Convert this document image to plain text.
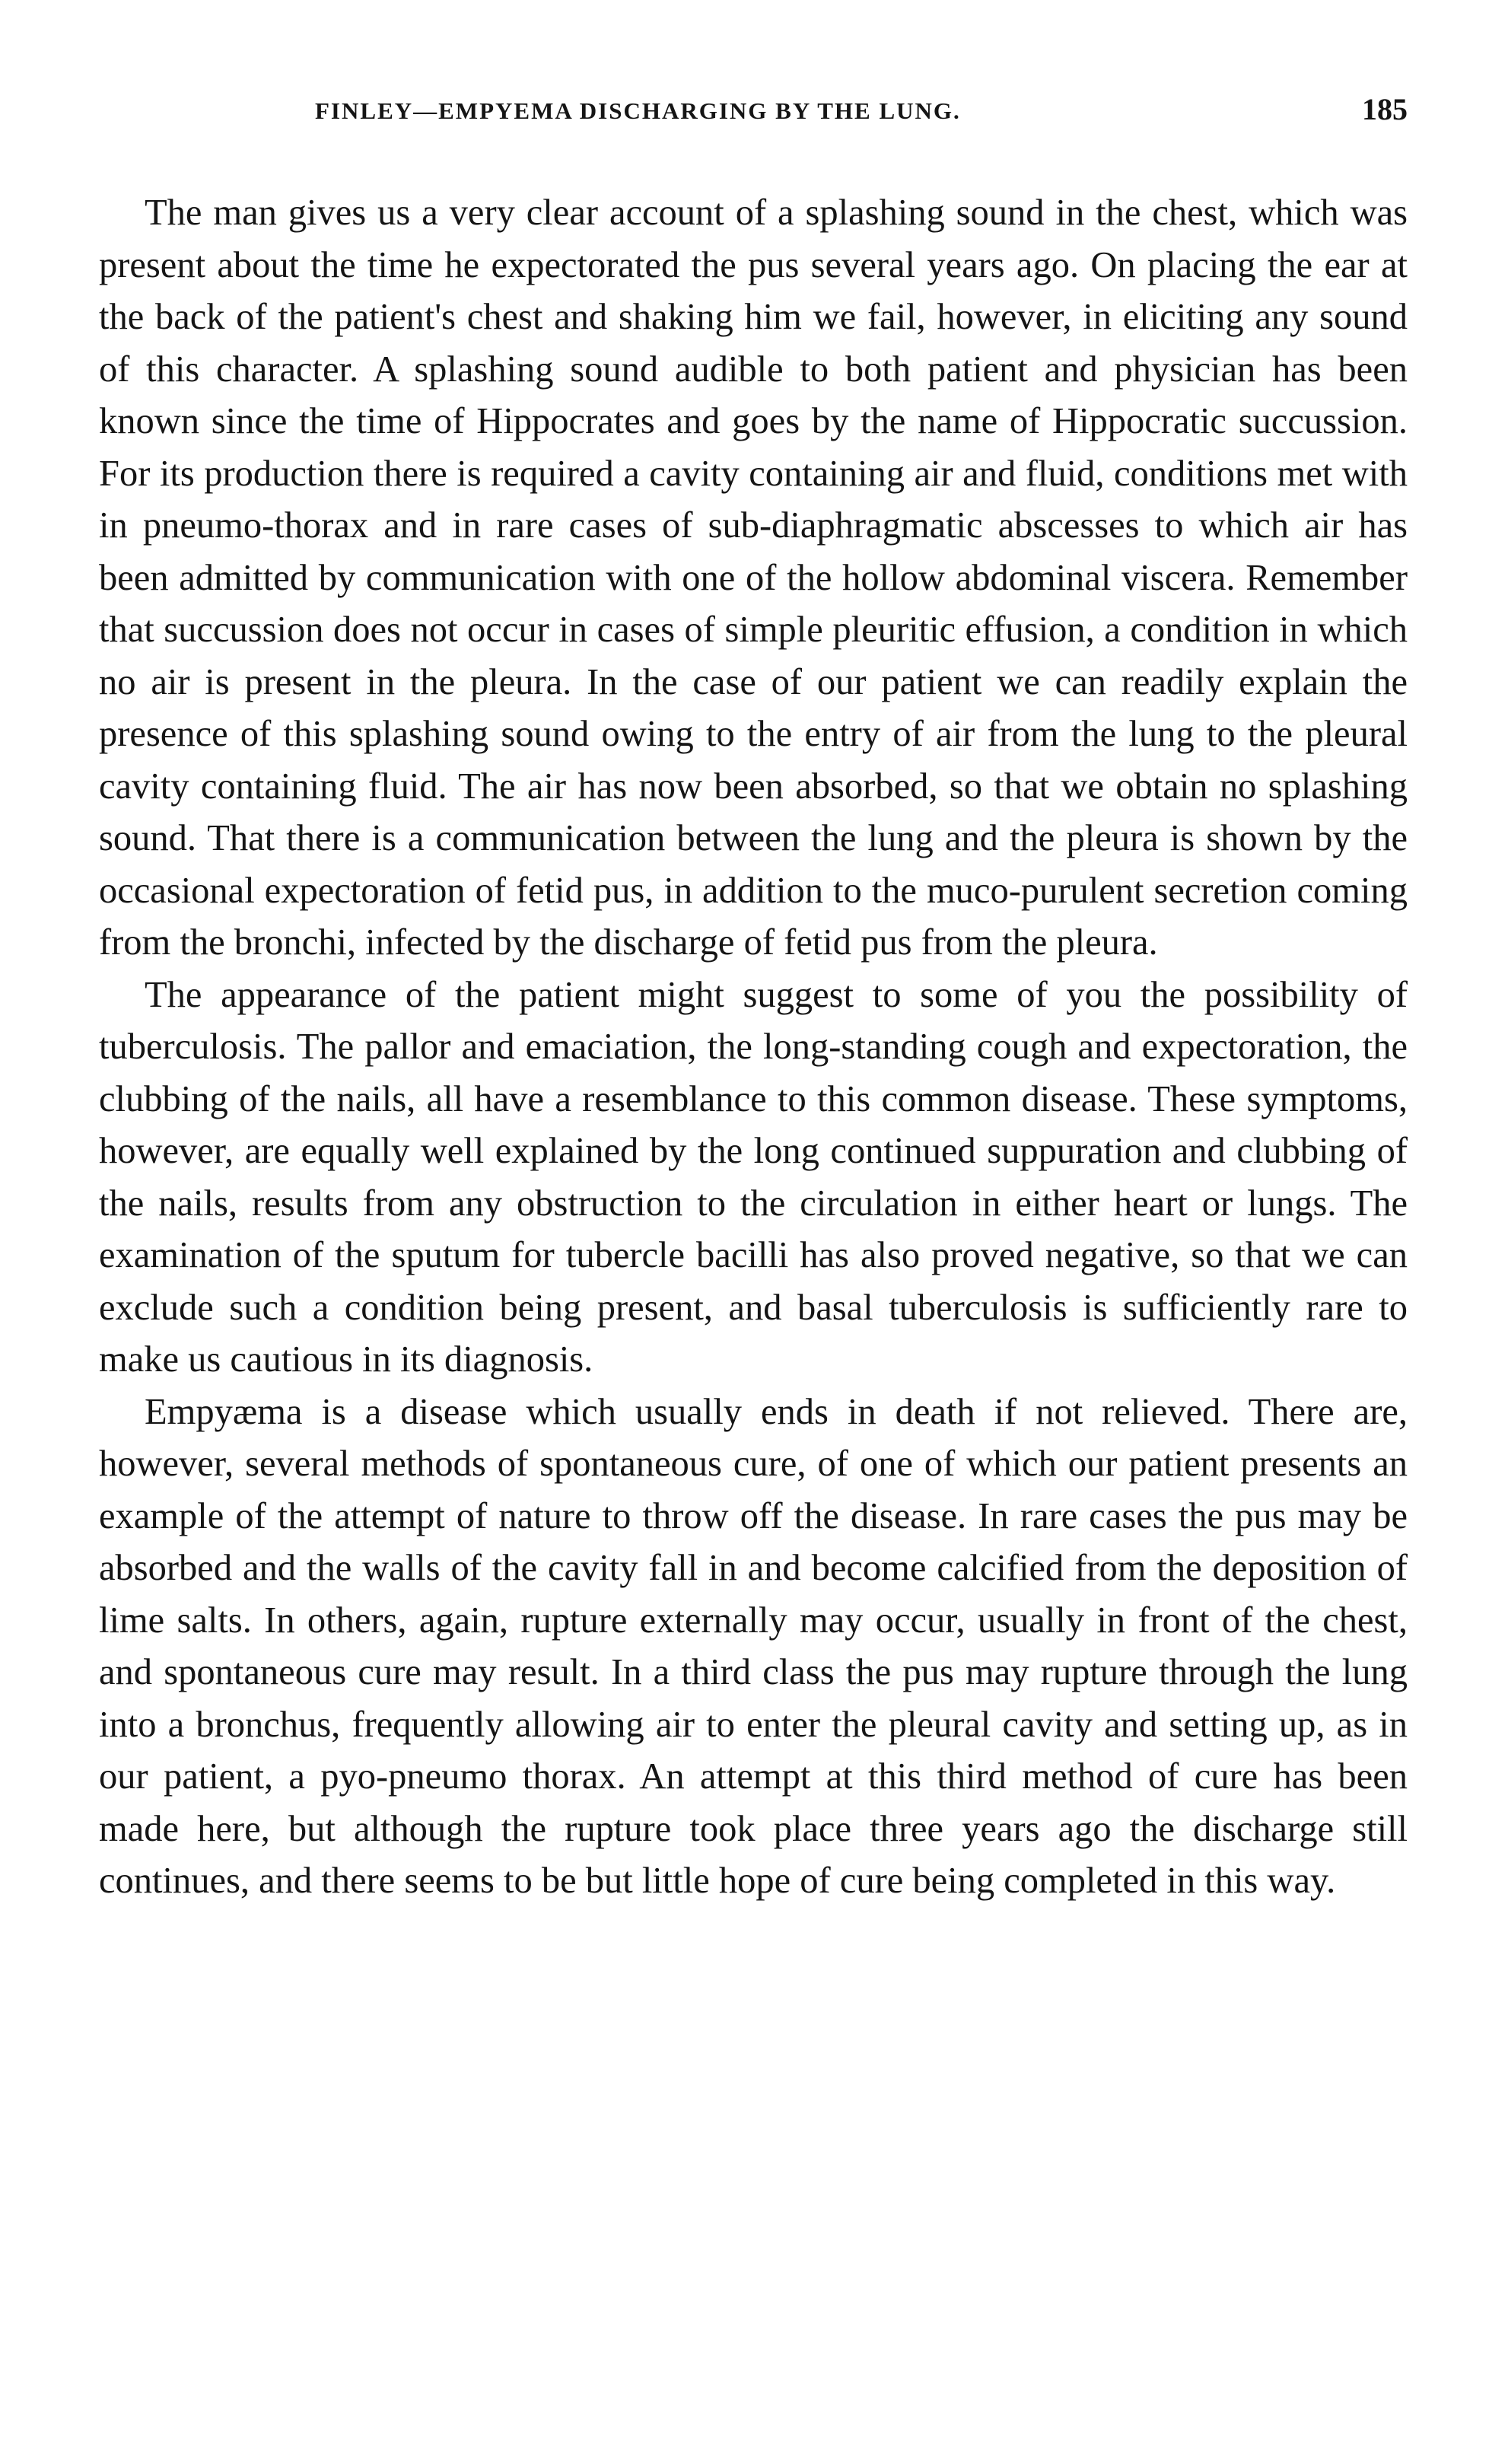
FINLEY—EMPYEMA DISCHARGING BY THE LUNG.	185

The man gives us a very clear account of a splashing sound in the chest, which was present about the time he expectorated the pus several years ago. On placing the ear at the back of the patient's chest and shaking him we fail, however, in eliciting any sound of this character. A splashing sound audible to both patient and physician has been known since the time of Hippocrates and goes by the name of Hippocratic succussion. For its production there is required a cavity containing air and fluid, conditions met with in pneumo-thorax and in rare cases of sub-diaphragmatic abscesses to which air has been admitted by communication with one of the hollow abdominal viscera. Remember that succussion does not occur in cases of simple pleuritic effusion, a condition in which no air is present in the pleura. In the case of our patient we can readily explain the presence of this splashing sound owing to the entry of air from the lung to the pleural cavity containing fluid. The air has now been absorbed, so that we obtain no splashing sound. That there is a communication between the lung and the pleura is shown by the occasional expectoration of fetid pus, in addition to the muco-purulent secretion coming from the bronchi, infected by the discharge of fetid pus from the pleura.

The appearance of the patient might suggest to some of you the possibility of tuberculosis. The pallor and emaciation, the long-standing cough and expectoration, the clubbing of the nails, all have a resemblance to this common disease. These symptoms, however, are equally well explained by the long continued suppuration and clubbing of the nails, results from any obstruction to the circulation in either heart or lungs. The examination of the sputum for tubercle bacilli has also proved negative, so that we can exclude such a condition being present, and basal tuberculosis is sufficiently rare to make us cautious in its diagnosis.

Empyæma is a disease which usually ends in death if not relieved. There are, however, several methods of spontaneous cure, of one of which our patient presents an example of the attempt of nature to throw off the disease. In rare cases the pus may be absorbed and the walls of the cavity fall in and become calcified from the deposition of lime salts. In others, again, rupture externally may occur, usually in front of the chest, and spontaneous cure may result. In a third class the pus may rupture through the lung into a bronchus, frequently allowing air to enter the pleural cavity and setting up, as in our patient, a pyo-pneumo thorax. An attempt at this third method of cure has been made here, but although the rupture took place three years ago the discharge still continues, and there seems to be but little hope of cure being completed in this way.
